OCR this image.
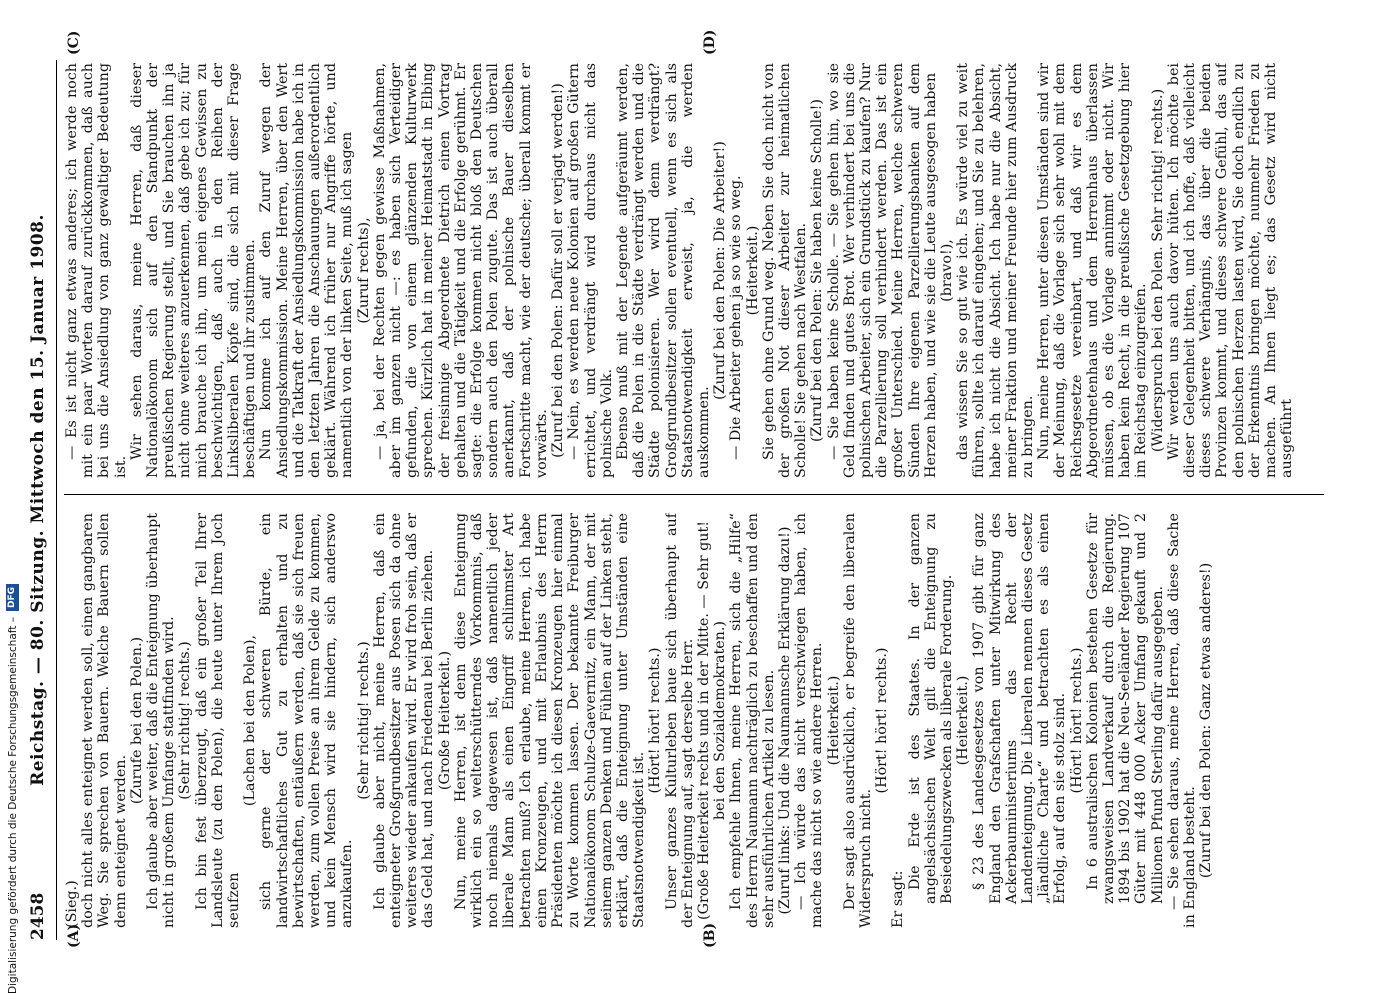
2458
Reichstag. — 80. Sitzung. Mittwoch den 15. Januar 1908.
(A)	(B)
(C)	(D)

(Sieg.) doch nicht alles enteignet werden soll, einen gangbaren Weg. Sie sprechen von Bauern. Welche Bauern sollen denn enteignet werden.

(Zurufe bei den Polen.) Ich glaube aber weiter, daß die Enteignung überhaupt nicht in großem Umfange stattfinden wird. (Sehr richtig! rechts.) Ich bin fest überzeugt, daß ein großer Teil Ihrer Landsleute (zu den Polen), die heute unter Ihrem Joch seufzen

(Lachen bei den Polen), sich gerne der schweren Bürde, ein landwirtschaftliches Gut zu erhalten und zu bewirtschaften, entäußern werden, daß sie sich freuen werden, zum vollen Preise an ihrem Gelde zu kommen, und kein Mensch wird sie hindern, sich anderswo anzukaufen.

(Sehr richtig! rechts.) Ich glaube aber nicht, meine Herren, daß ein enteigneter Großgrundbesitzer aus Posen sich da ohne weiteres wieder ankaufen wird. Er wird froh sein, daß er das Geld hat, und nach Friedenau bei Berlin ziehen. (Große Heiterkeit.) Nun, meine Herren, ist denn diese Enteignung wirklich ein so welterschütterndes Vorkommnis, daß noch niemals dagewesen ist, daß namentlich jeder liberale Mann als einen Eingriff schlimmster Art betrachten muß? Ich erlaube, meine Herren, ich habe einen Kronzeugen, und mit Erlaubnis des Herrn Präsidenten möchte ich diesen Kronzeugen hier einmal zu Worte kommen lassen. Der bekannte Freiburger Nationalökonom Schulze-Gaevernitz, ein Mann, der mit seinem ganzen Denken und Fühlen auf der Linken steht, erklärt, daß die Enteignung unter Umständen eine Staatsnotwendigkeit ist.

(Hört! hört! rechts.) Unser ganzes Kulturleben baue sich überhaupt auf der Enteignung auf, sagt derselbe Herr. (Große Heiterkeit rechts und in der Mitte. — Sehr gut! bei den Sozialdemokraten.) Ich empfehle Ihnen, meine Herren, sich die „Hilfe“ des Herrn Naumann nachträglich zu beschaffen und den sehr ausführlichen Artikel zu lesen. (Zuruf links: Und die Naumannsche Erklärung dazu!) — Ich würde das nicht verschwiegen haben, ich mache das nicht so wie andere Herren. (Heiterkeit.) Der sagt also ausdrücklich, er begreife den liberalen Widerspruch nicht.

(Hört! hört! rechts.)

Er sagt:

Die Erde ist des Staates. In der ganzen angelsächsischen Welt gilt die Enteignung zu Besiedelungszwecken als liberale Forderung. (Heiterkeit.) § 23 des Landesgesetzes von 1907 gibt für ganz England den Grafschaften unter Mitwirkung des Ackerbauministeriums das Recht der Landenteignung. Die Liberalen nennen dieses Gesetz „ländliche Charte“ und betrachten es als einen Erfolg, auf den sie stolz sind. (Hört! hört! rechts.) In 6 australischen Kolonien bestehen Gesetze für zwangsweisen Landverkauf durch die Regierung. 1894 bis 1902 hat die Neu-Seeländer Regierung 107 Güter mit 448 000 Acker Umfang gekauft und 2 Millionen Pfund Sterling dafür ausgegeben. — Sie sehen daraus, meine Herren, daß diese Sache in England besteht. (Zuruf bei den Polen: Ganz etwas anderes!)

— Es ist nicht ganz etwas anderes; ich werde noch mit ein paar Worten darauf zurückkommen, daß auch bei uns die Ansiedlung von ganz gewaltiger Bedeutung ist.

Wir sehen daraus, meine Herren, daß dieser Nationalökonom sich auf den Standpunkt der preußischen Regierung stellt, und Sie brauchen ihn ja nicht ohne weiteres anzuerkennen, daß gebe ich zu; für mich brauche ich ihn, um mein eigenes Gewissen zu beschwichtigen, daß auch in den Reihen der Linksliberalen Köpfe sind, die sich mit dieser Frage beschäftigen und ihr zustimmen. Nun komme ich auf den Zuruf wegen der Ansiedlungskommission. Meine Herren, über den Wert und die Tatkraft der Ansiedlungskommission habe ich in den letzten Jahren die Anschauungen außerordentlich geklärt. Während ich früher nur Angriffe hörte, und namentlich von der linken Seite, muß ich sagen (Zuruf rechts), — ja, bei der Rechten gegen gewisse Maßnahmen, aber im ganzen nicht —: es haben sich Verteidiger gefunden, die von einem glänzenden Kulturwerk sprechen. Kürzlich hat in meiner Heimatstadt in Elbing der freisinnige Abgeordnete Dietrich einen Vortrag gehalten und die Tätigkeit und die Erfolge gerühmt. Er sagte: die Erfolge kommen nicht bloß den Deutschen sondern auch den Polen zugute. Das ist auch überall anerkannt, daß der polnische Bauer dieselben Fortschritte macht, wie der deutsche; überall kommt er vorwärts. (Zuruf bei den Polen: Dafür soll er verjagt werden!) — Nein, es werden neue Kolonien auf großen Gütern errichtet, und verdrängt wird durchaus nicht das polnische Volk. Ebenso muß mit der Legende aufgeräumt werden, daß die Polen in die Städte verdrängt werden und die Städte polonisieren. Wer wird denn verdrängt? Großgrundbesitzer sollen eventuell, wenn es sich als Staatsnotwendigkeit erweist, ja, die werden auskommen.

(Zuruf bei den Polen: Die Arbeiter!) — Die Arbeiter gehen ja so wie so weg. (Heiterkeit.) Sie gehen ohne Grund weg. Neben Sie doch nicht von der großen Not dieser Arbeiter zur heimatlichen Scholle! Sie gehen nach Westfalen. (Zuruf bei den Polen: Sie haben keine Scholle!) — Sie haben keine Scholle. — Sie gehen hin, wo sie Geld finden und gutes Brot. Wer verhindert bei uns die polnischen Arbeiter, sich ein Grundstück zu kaufen? Nur die Parzellierung soll verhindert werden. Das ist ein großer Unterschied. Meine Herren, welche schweren Sünden Ihre eigenen Parzellierungsbanken auf dem Herzen haben, und wie sie die Leute ausgesogen haben (bravo!), das wissen Sie so gut wie ich. Es würde viel zu weit führen, sollte ich darauf eingehen; und Sie zu belehren, habe ich nicht die Absicht. Ich habe nur die Absicht, meiner Fraktion und meiner Freunde hier zum Ausdruck zu bringen. Nun, meine Herren, unter diesen Umständen sind wir der Meinung, daß die Vorlage sich sehr wohl mit dem Reichsgesetze vereinbart, und daß wir es dem Abgeordnetenhaus und dem Herrenhaus überlassen müssen, ob es die Vorlage annimmt oder nicht. Wir haben kein Recht, in die preußische Gesetzgebung hier im Reichstag einzugreifen. (Widerspruch bei den Polen. Sehr richtig! rechts.) Wir werden uns auch davor hüten. Ich möchte bei dieser Gelegenheit bitten, und ich hoffe, daß vielleicht dieses schwere Verhängnis, das über die beiden Provinzen kommt, und dieses schwere Gefühl, das auf den polnischen Herzen lasten wird, Sie doch endlich zu der Erkenntnis bringen möchte, nunmehr Frieden zu machen. An Ihnen liegt es; das Gesetz wird nicht ausgeführt

Digitalisierung gefördert durch die Deutsche Forschungsgemeinschaft –
DFG
